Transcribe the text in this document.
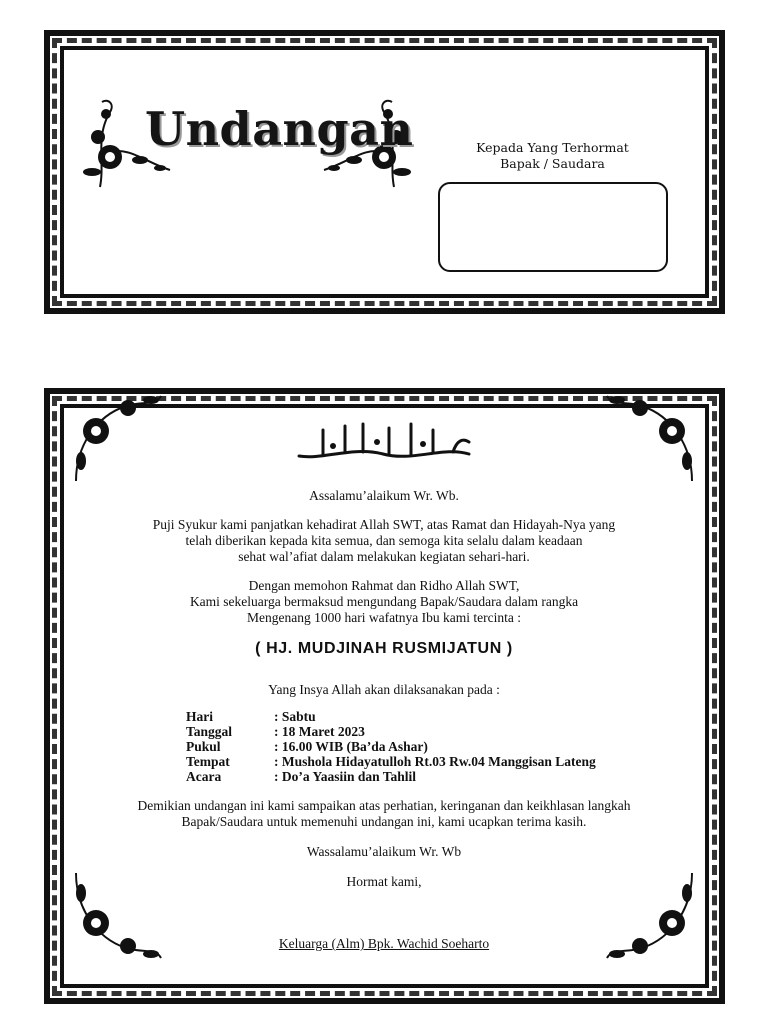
Undangan	Kepada Yang Terhormat
Bapak / Saudara
Assalamu’alaikum Wr. Wb.
Puji Syukur kami panjatkan kehadirat Allah SWT, atas Ramat dan Hidayah-Nya yang
telah diberikan kepada kita semua, dan semoga kita selalu dalam keadaan
sehat wal’afiat dalam melakukan kegiatan sehari-hari.
Dengan memohon Rahmat dan Ridho Allah SWT,
Kami sekeluarga bermaksud mengundang Bapak/Saudara dalam rangka
Mengenang 1000 hari wafatnya Ibu kami tercinta :
( HJ. MUDJINAH RUSMIJATUN )
Yang Insya Allah akan dilaksanakan pada :
Hari	: Sabtu
Tanggal	: 18 Maret 2023
Pukul	: 16.00 WIB (Ba’da Ashar)
Tempat	: Mushola Hidayatulloh Rt.03 Rw.04 Manggisan Lateng
Acara	: Do’a Yaasiin dan Tahlil
Demikian undangan ini kami sampaikan atas perhatian, keringanan dan keikhlasan langkah
Bapak/Saudara untuk memenuhi undangan ini, kami ucapkan terima kasih.
Wassalamu’alaikum Wr. Wb
Hormat kami,
Keluarga (Alm) Bpk. Wachid Soeharto
